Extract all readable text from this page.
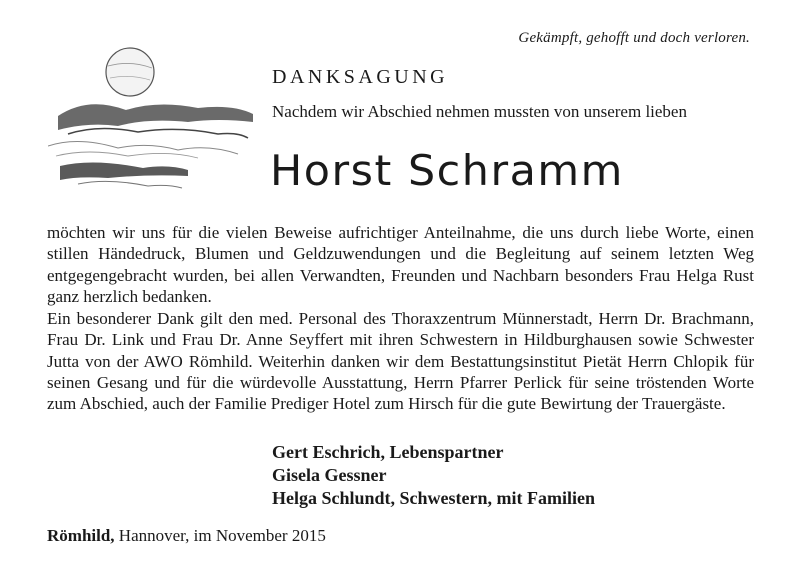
Gekämpft, gehofft und doch verloren.
DANKSAGUNG
Nachdem wir Abschied nehmen mussten von unserem lieben
Horst Schramm

möchten wir uns für die vielen Beweise aufrichtiger Anteilnahme, die uns durch liebe Worte, einen stillen Händedruck, Blumen und Geldzuwendungen und die Begleitung auf seinem letzten Weg entgegengebracht wurden, bei allen Verwandten, Freunden und Nachbarn besonders Frau Helga Rust ganz herzlich bedanken.

Ein besonderer Dank gilt den med. Personal des Thoraxzentrum Münnerstadt, Herrn Dr. Brachmann, Frau Dr. Link und Frau Dr. Anne Seyffert mit ihren Schwestern in Hildburghausen sowie Schwester Jutta von der AWO Römhild. Weiterhin danken wir dem Bestattungsinstitut Pietät Herrn Chlopik für seinen Gesang und für die würdevolle Ausstattung, Herrn Pfarrer Perlick für seine tröstenden Worte zum Abschied, auch der Familie Prediger Hotel zum Hirsch für die gute Bewirtung der Trauergäste.

Gert Eschrich, Lebenspartner
Gisela Gessner
Helga Schlundt, Schwestern, mit Familien
Römhild, Hannover, im November 2015
